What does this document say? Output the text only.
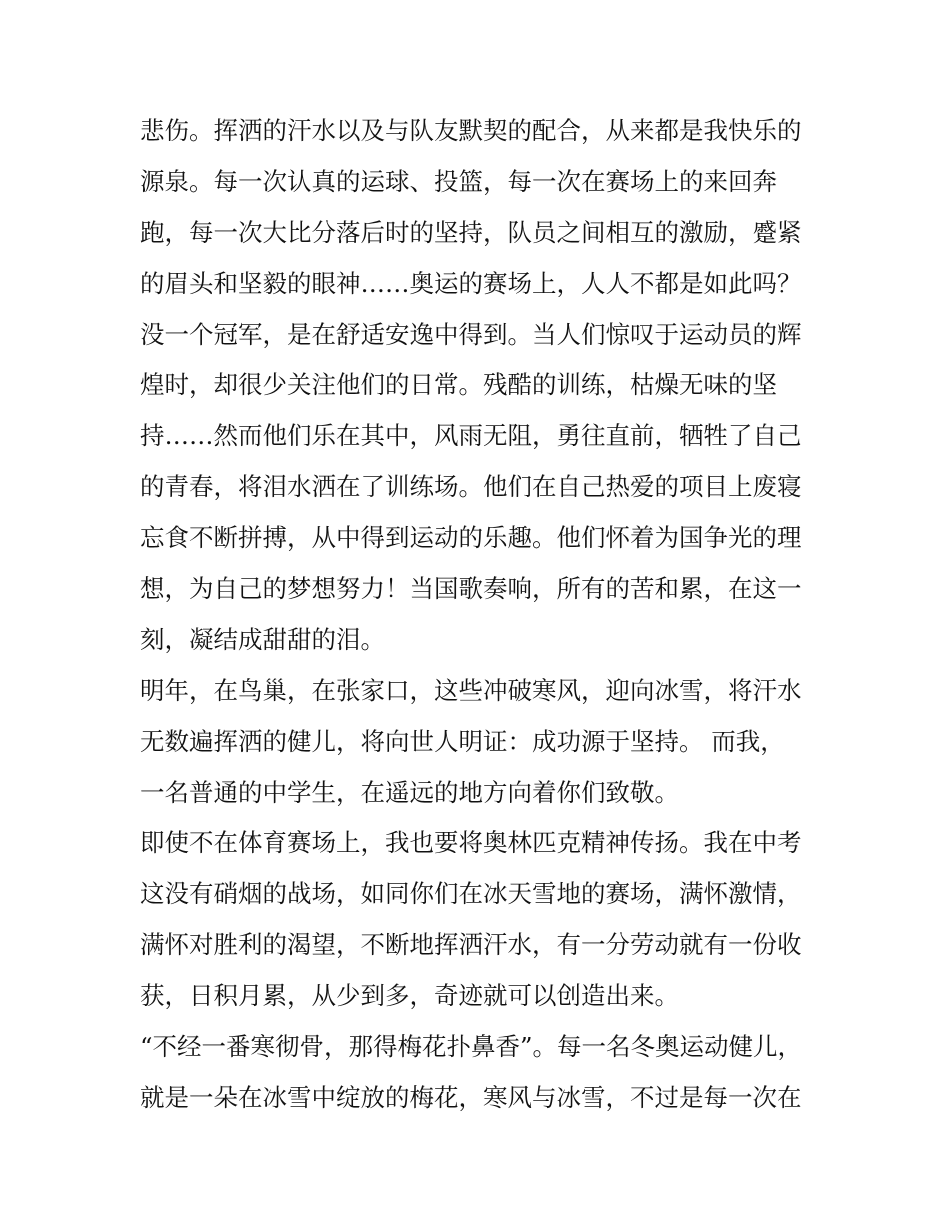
悲伤。挥洒的汗水以及与队友默契的配合，从来都是我快乐的
源泉。每一次认真的运球、投篮，每一次在赛场上的来回奔
跑，每一次大比分落后时的坚持，队员之间相互的激励，蹙紧
的眉头和坚毅的眼神……奥运的赛场上，人人不都是如此吗？
没一个冠军，是在舒适安逸中得到。当人们惊叹于运动员的辉
煌时，却很少关注他们的日常。残酷的训练，枯燥无味的坚
持……然而他们乐在其中，风雨无阻，勇往直前，牺牲了自己
的青春，将泪水洒在了训练场。他们在自己热爱的项目上废寝
忘食不断拼搏，从中得到运动的乐趣。他们怀着为国争光的理
想，为自己的梦想努力！当国歌奏响，所有的苦和累，在这一
刻，凝结成甜甜的泪。
明年，在鸟巢，在张家口，这些冲破寒风，迎向冰雪，将汗水
无数遍挥洒的健儿，将向世人明证：成功源于坚持。 而我，
一名普通的中学生，在遥远的地方向着你们致敬。
即使不在体育赛场上，我也要将奥林匹克精神传扬。我在中考
这没有硝烟的战场，如同你们在冰天雪地的赛场，满怀激情，
满怀对胜利的渴望，不断地挥洒汗水，有一分劳动就有一份收
获，日积月累，从少到多，奇迹就可以创造出来。
“不经一番寒彻骨，那得梅花扑鼻香”。每一名冬奥运动健儿，
就是一朵在冰雪中绽放的梅花，寒风与冰雪，不过是每一次在
